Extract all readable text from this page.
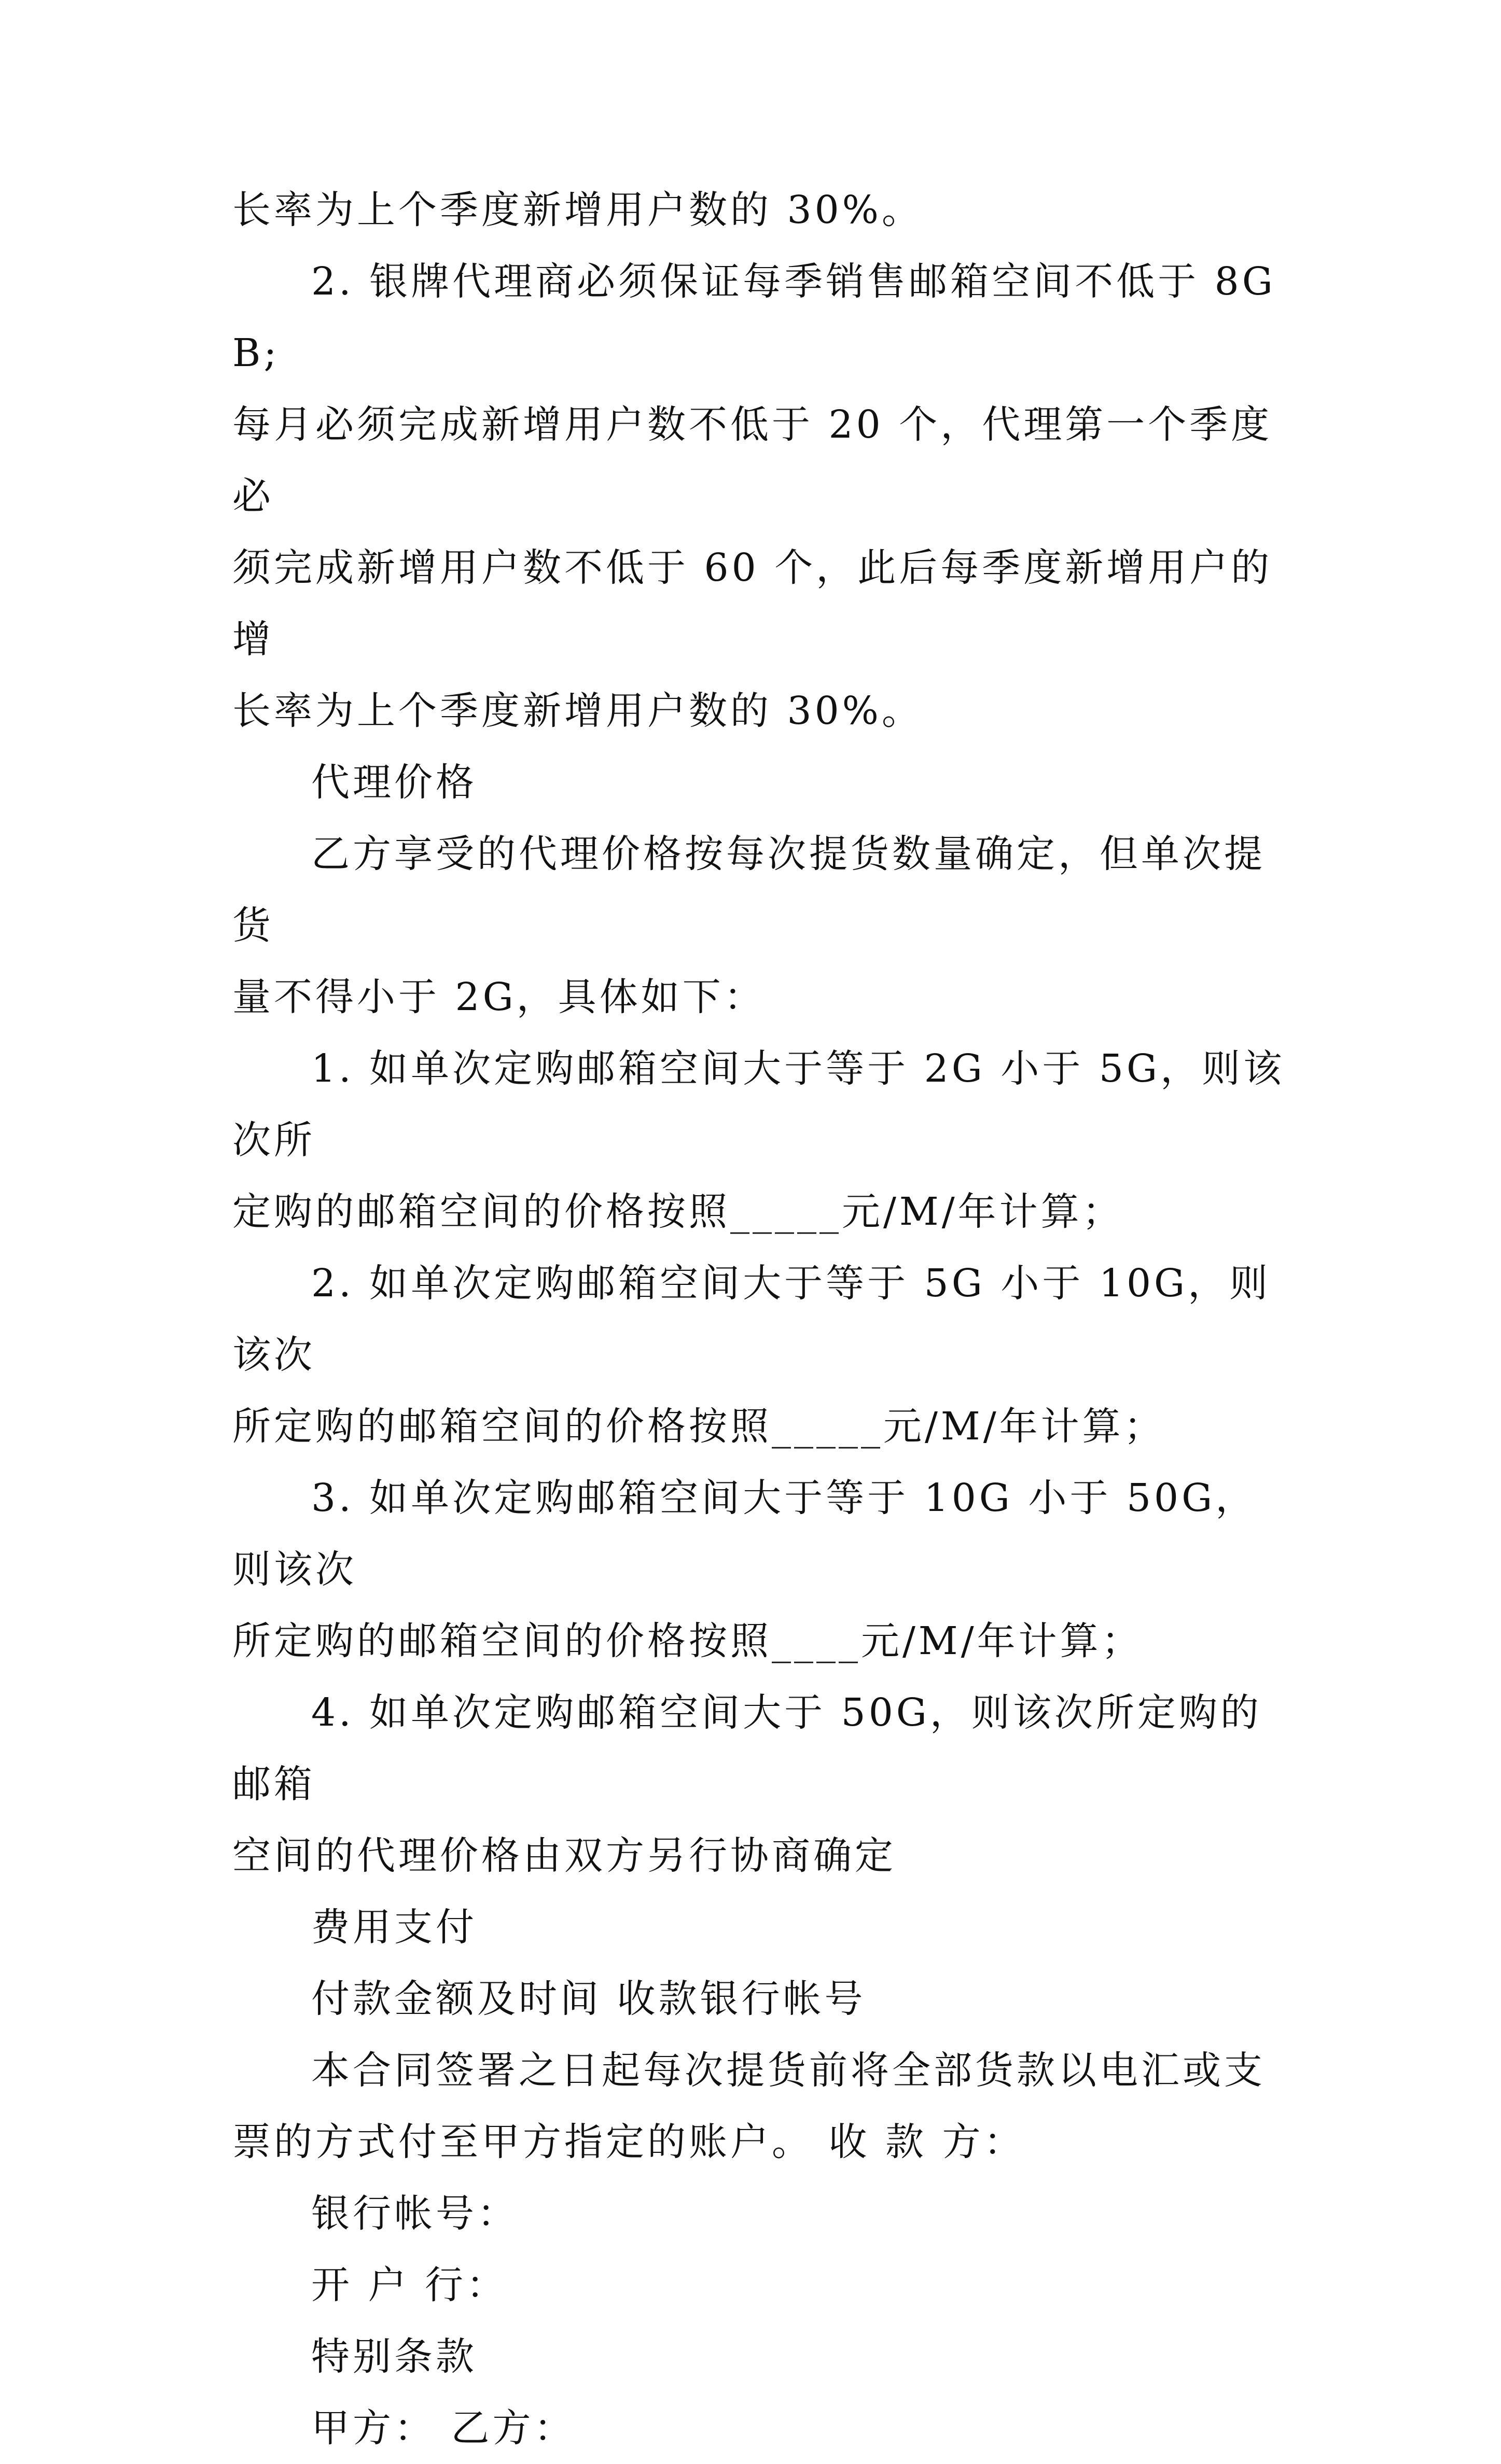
长率为上个季度新增用户数的 30%。

2. 银牌代理商必须保证每季销售邮箱空间不低于 8GB;

每月必须完成新增用户数不低于 20 个，代理第一个季度必

须完成新增用户数不低于 60 个，此后每季度新增用户的增

长率为上个季度新增用户数的 30%。

代理价格

乙方享受的代理价格按每次提货数量确定，但单次提货

量不得小于 2G，具体如下：

1. 如单次定购邮箱空间大于等于 2G 小于 5G，则该次所

定购的邮箱空间的价格按照_____元/M/年计算；

2. 如单次定购邮箱空间大于等于 5G 小于 10G，则该次

所定购的邮箱空间的价格按照_____元/M/年计算；

3. 如单次定购邮箱空间大于等于 10G 小于 50G，则该次

所定购的邮箱空间的价格按照____元/M/年计算；

4. 如单次定购邮箱空间大于 50G，则该次所定购的邮箱

空间的代理价格由双方另行协商确定

费用支付

付款金额及时间 收款银行帐号

本合同签署之日起每次提货前将全部货款以电汇或支

票的方式付至甲方指定的账户。 收 款 方：

银行帐号：

开 户 行：

特别条款

甲方： 乙方：
